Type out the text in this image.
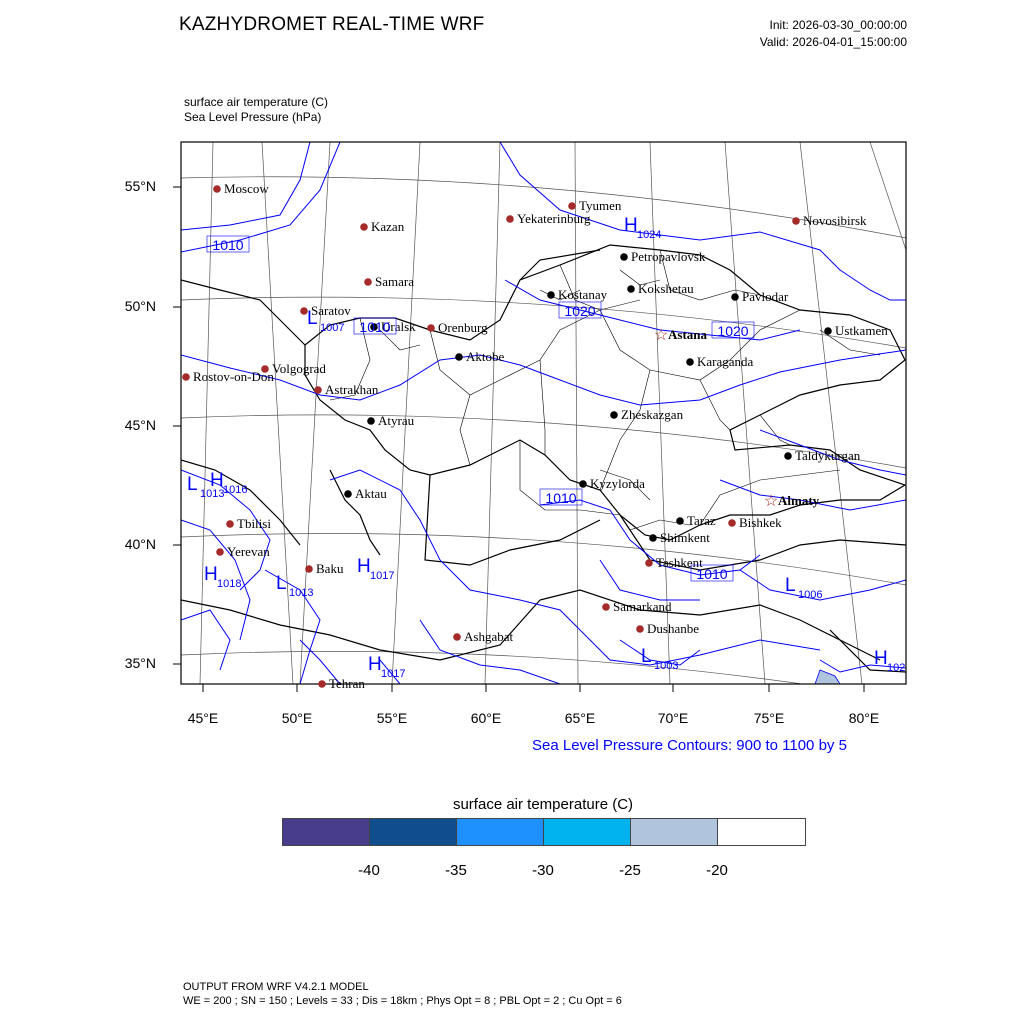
KAZHYDROMET REAL-TIME WRF	Init: 2026-03-30_00:00:00
Valid: 2026-04-01_15:00:00
surface air temperature (C)
Sea Level Pressure (hPa)
Moscow
Kazan
Samara
Saratov
Volgograd
Rostov-on-Don
Astrakhan
Uralsk Orenburg
Aktobe
Atyrau
Aktau
Tyumen
Yekaterinburg	Novosibirsk
Petropavlovsk
Kostanay Kokshetau
Pavlodar
☆ Astana	Ustkamen
Karaganda
Zheskazgan
Taldykurgan
Kyzylorda
☆ Almaty
Taraz Bishkek
Shimkent
Tashkent
Tbilisi
Yerevan
Baku
Samarkand
Dushanbe
Ashgabat
Tehran
1010
1020
1020
1010
1010
1010
H 1024
L 1007
L 1013
H 1016
H 1018 L 1013
H 1017	L 1006
L 1003
H 1017
H 102
55°N
50°N
45°N
40°N
35°N
45°E	50°E	55°E	60°E	65°E	70°E	75°E	80°E
Sea Level Pressure Contours: 900 to 1100 by 5
surface air temperature (C)
-40	-35	-30	-25	-20
OUTPUT FROM WRF V4.2.1 MODEL
WE = 200 ; SN = 150 ; Levels = 33 ; Dis = 18km ; Phys Opt = 8 ; PBL Opt = 2 ; Cu Opt = 6
